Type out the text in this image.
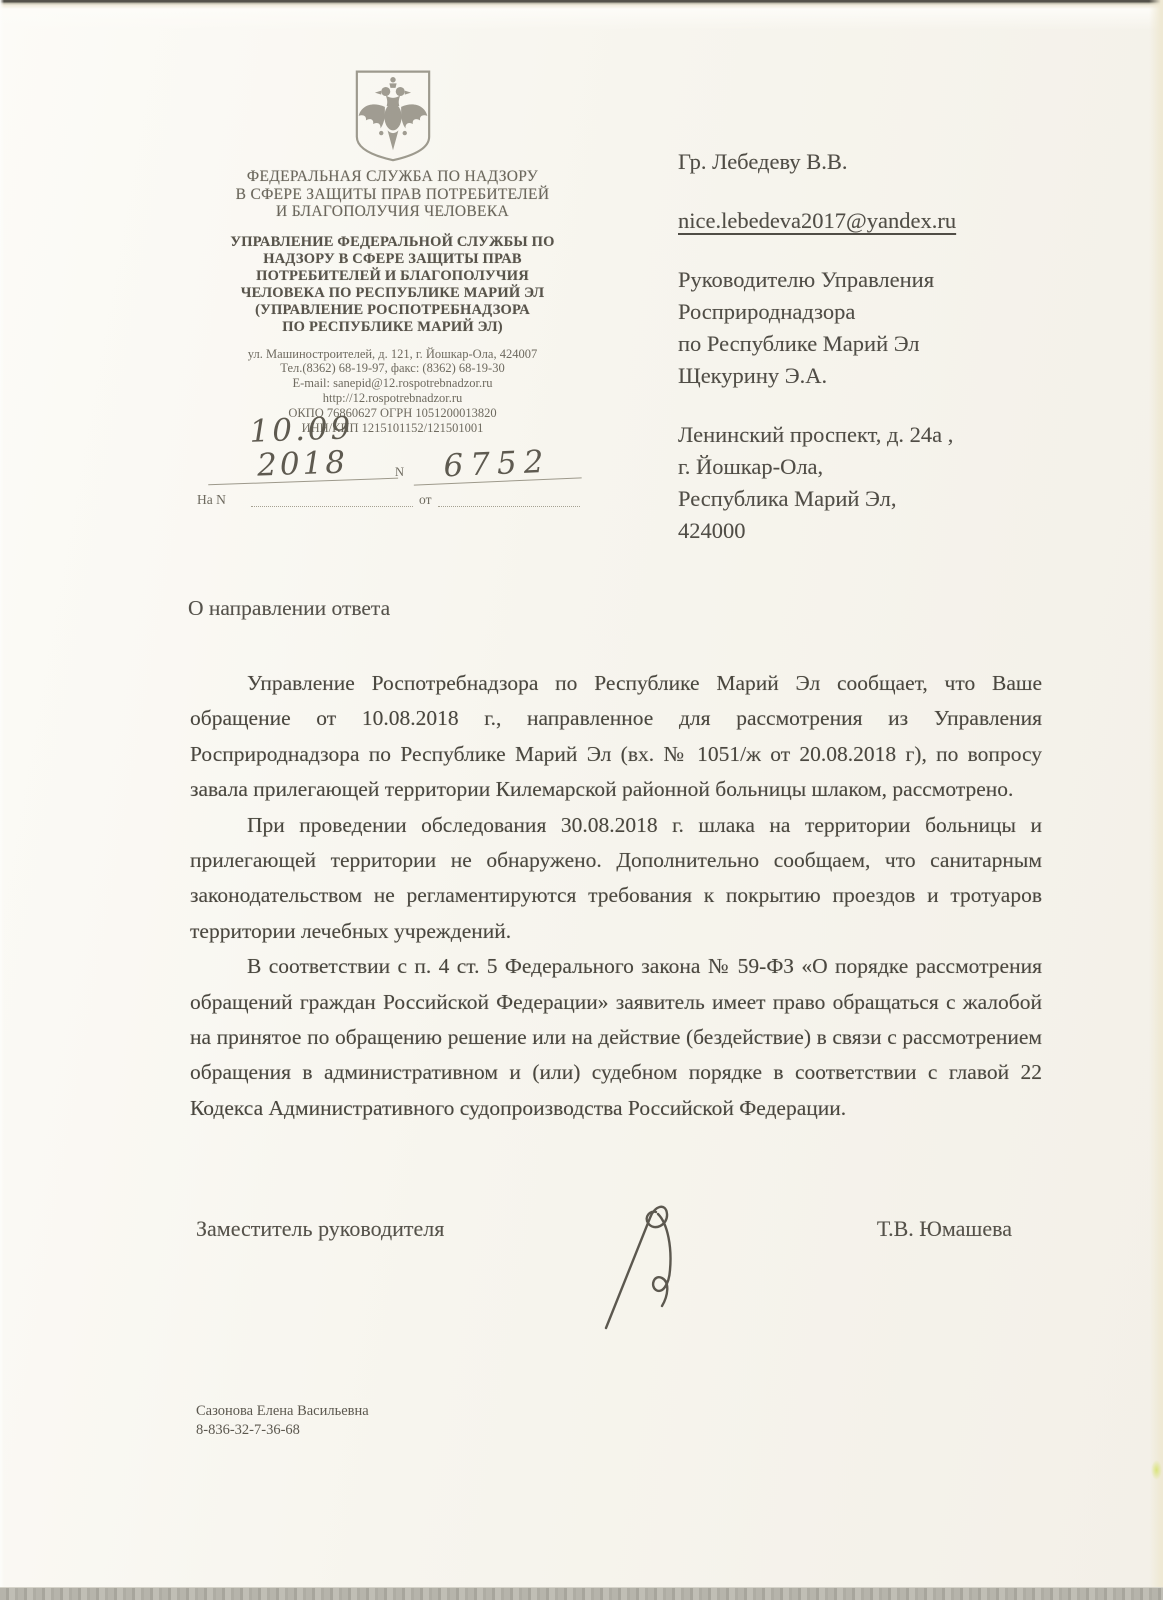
ФЕДЕРАЛЬНАЯ СЛУЖБА ПО НАДЗОРУ
В СФЕРЕ ЗАЩИТЫ ПРАВ ПОТРЕБИТЕЛЕЙ
И БЛАГОПОЛУЧИЯ ЧЕЛОВЕКА
УПРАВЛЕНИЕ ФЕДЕРАЛЬНОЙ СЛУЖБЫ ПО
НАДЗОРУ В СФЕРЕ ЗАЩИТЫ ПРАВ
ПОТРЕБИТЕЛЕЙ И БЛАГОПОЛУЧИЯ
ЧЕЛОВЕКА ПО РЕСПУБЛИКЕ МАРИЙ ЭЛ
(УПРАВЛЕНИЕ РОСПОТРЕБНАДЗОРА
ПО РЕСПУБЛИКЕ МАРИЙ ЭЛ)
ул. Машиностроителей, д. 121, г. Йошкар-Ола, 424007
Тел.(8362) 68-19-97, факс: (8362) 68-19-30
E-mail: sanepid@12.rospotrebnadzor.ru
http://12.rospotrebnadzor.ru
ОКПО 76860627 ОГРН 1051200013820
ИНН/КПП 1215101152/121501001
10.09 2018	N	6752
На N	от
Гр. Лебедеву В.В.
nice.lebedeva2017@yandex.ru
Руководителю Управления
Росприроднадзора
по Республике Марий Эл
Щекурину Э.А.
Ленинский проспект, д. 24а ,
г. Йошкар-Ола,
Республика Марий Эл,
424000
О направлении ответа

Управление Роспотребнадзора по Республике Марий Эл сообщает, что Ваше обращение от 10.08.2018 г., направленное для рассмотрения из Управления Росприроднадзора по Республике Марий Эл (вх. № 1051/ж от 20.08.2018 г), по вопросу завала прилегающей территории Килемарской районной больницы шлаком, рассмотрено.

При проведении обследования 30.08.2018 г. шлака на территории больницы и прилегающей территории не обнаружено. Дополнительно сообщаем, что санитарным законодательством не регламентируются требования к покрытию проездов и тротуаров территории лечебных учреждений.

В соответствии с п. 4 ст. 5 Федерального закона № 59-ФЗ «О порядке рассмотрения обращений граждан Российской Федерации» заявитель имеет право обращаться с жалобой на принятое по обращению решение или на действие (бездействие) в связи с рассмотрением обращения в административном и (или) судебном порядке в соответствии с главой 22 Кодекса Административного судопроизводства Российской Федерации.

Заместитель руководителя	Т.В. Юмашева
Сазонова Елена Васильевна
8-836-32-7-36-68
